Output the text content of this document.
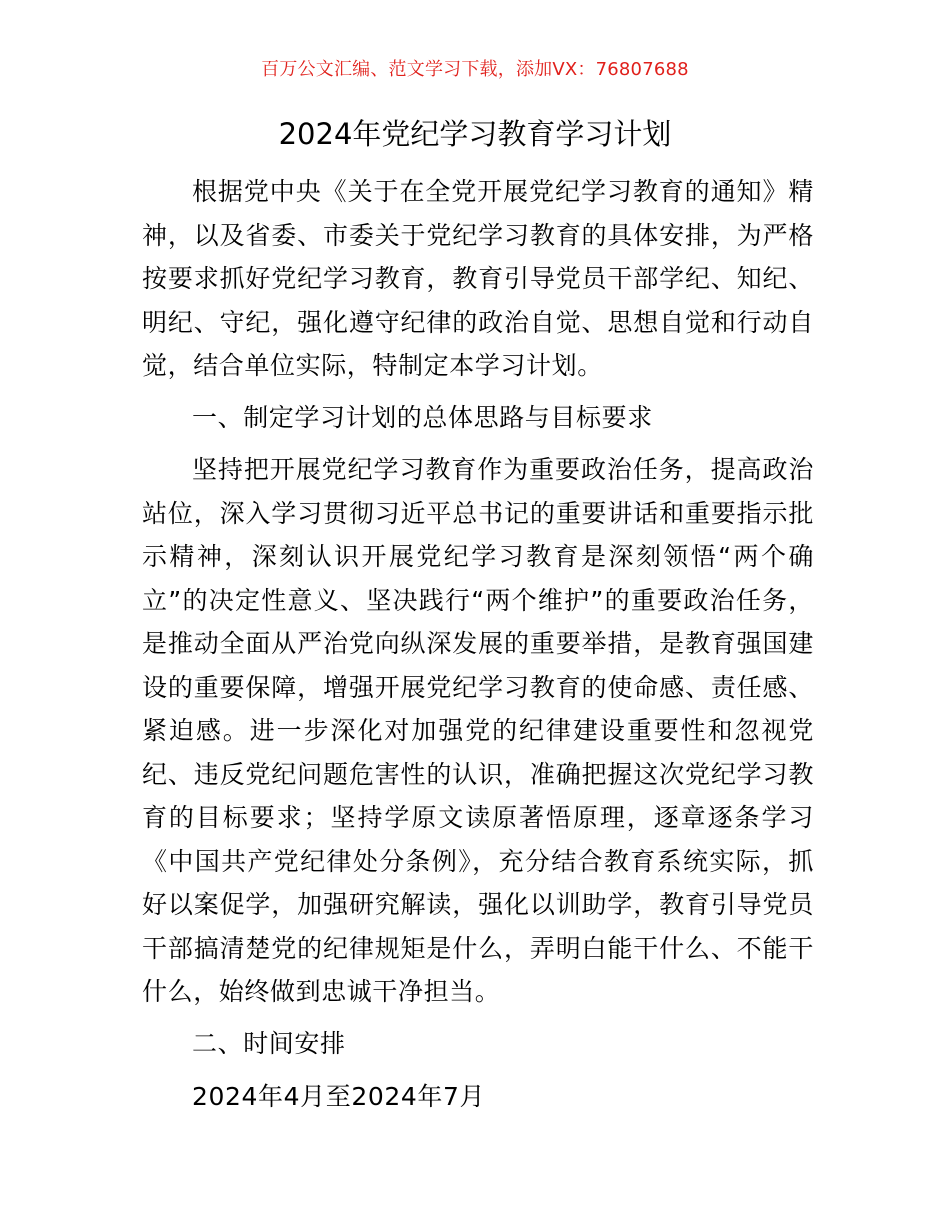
百万公文汇编、范文学习下载，添加VX：76807688
2024年党纪学习教育学习计划

根据党中央《关于在全党开展党纪学习教育的通知》精神，以及省委、市委关于党纪学习教育的具体安排，为严格按要求抓好党纪学习教育，教育引导党员干部学纪、知纪、明纪、守纪，强化遵守纪律的政治自觉、思想自觉和行动自觉，结合单位实际，特制定本学习计划。

一、制定学习计划的总体思路与目标要求

坚持把开展党纪学习教育作为重要政治任务，提高政治站位，深入学习贯彻习近平总书记的重要讲话和重要指示批示精神，深刻认识开展党纪学习教育是深刻领悟“两个确立”的决定性意义、坚决践行“两个维护”的重要政治任务，是推动全面从严治党向纵深发展的重要举措，是教育强国建设的重要保障，增强开展党纪学习教育的使命感、责任感、紧迫感。进一步深化对加强党的纪律建设重要性和忽视党纪、违反党纪问题危害性的认识，准确把握这次党纪学习教育的目标要求；坚持学原文读原著悟原理，逐章逐条学习《中国共产党纪律处分条例》，充分结合教育系统实际，抓好以案促学，加强研究解读，强化以训助学，教育引导党员干部搞清楚党的纪律规矩是什么，弄明白能干什么、不能干什么，始终做到忠诚干净担当。

二、时间安排

2024年4月至2024年7月
